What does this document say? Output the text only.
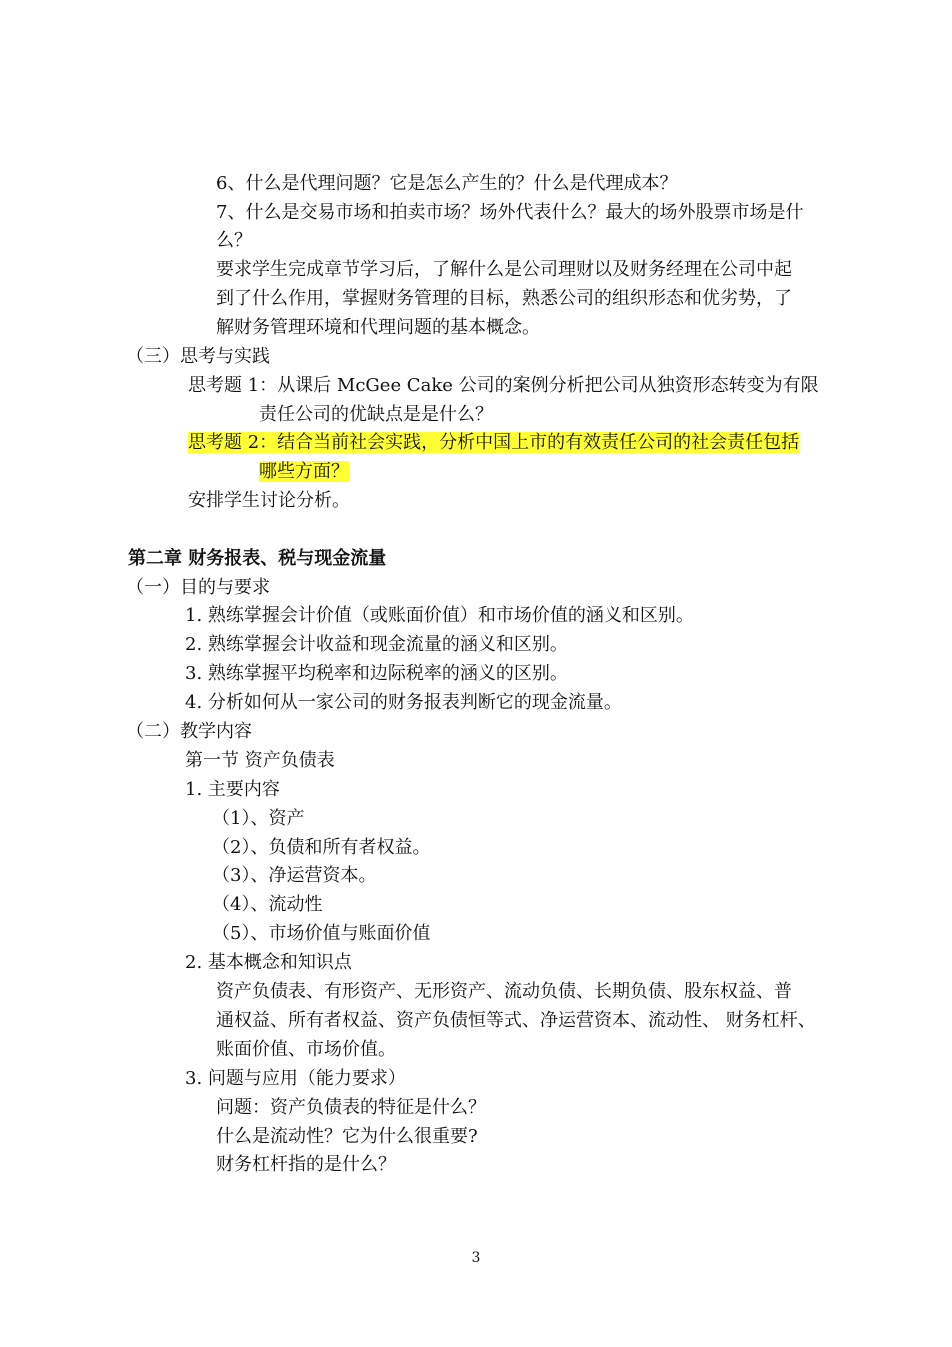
6、什么是代理问题？它是怎么产生的？什么是代理成本？
7、什么是交易市场和拍卖市场？场外代表什么？最大的场外股票市场是什
么？
要求学生完成章节学习后，了解什么是公司理财以及财务经理在公司中起
到了什么作用，掌握财务管理的目标，熟悉公司的组织形态和优劣势，了
解财务管理环境和代理问题的基本概念。
（三）思考与实践
思考题 1：从课后 McGee Cake 公司的案例分析把公司从独资形态转变为有限
责任公司的优缺点是是什么？
思考题 2：结合当前社会实践，分析中国上市的有效责任公司的社会责任包括
哪些方面？
安排学生讨论分析。
第二章 财务报表、税与现金流量
（一）目的与要求
1. 熟练掌握会计价值（或账面价值）和市场价值的涵义和区别。
2. 熟练掌握会计收益和现金流量的涵义和区别。
3. 熟练掌握平均税率和边际税率的涵义的区别。
4. 分析如何从一家公司的财务报表判断它的现金流量。
（二）教学内容
第一节 资产负债表
1. 主要内容
（1）、资产
（2）、负债和所有者权益。
（3）、净运营资本。
（4）、流动性
（5）、市场价值与账面价值
2. 基本概念和知识点
资产负债表、有形资产、无形资产、流动负债、长期负债、股东权益、普
通权益、所有者权益、资产负债恒等式、净运营资本、流动性、 财务杠杆、
账面价值、市场价值。
3. 问题与应用（能力要求）
问题：资产负债表的特征是什么？
什么是流动性？它为什么很重要?
财务杠杆指的是什么？
3
